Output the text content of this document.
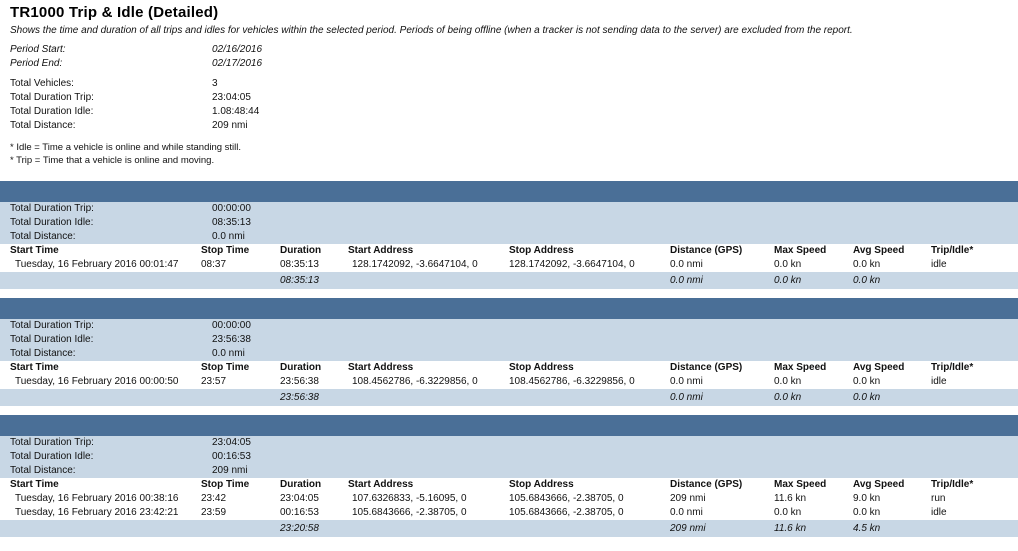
TR1000 Trip & Idle (Detailed)
Shows the time and duration of all trips and idles for vehicles within the selected period. Periods of being offline (when a tracker is not sending data to the server) are excluded from the report.
Period Start:	02/16/2016
Period End:	02/17/2016
Total Vehicles:	3
Total Duration Trip:	23:04:05
Total Duration Idle:	1.08:48:44
Total Distance:	209 nmi
* Idle = Time a vehicle is online and while standing still.
* Trip = Time that a vehicle is online and moving.
Total Duration Trip:	00:00:00
Total Duration Idle:	08:35:13
Total Distance:	0.0 nmi
Start Time	Stop Time	Duration	Start Address	Stop Address	Distance (GPS)	Max Speed	Avg Speed	Trip/Idle*
Tuesday, 16 February 2016 00:01:47	08:37	08:35:13	128.1742092, -3.6647104, 0	128.1742092, -3.6647104, 0	0.0 nmi	0.0 kn	0.0 kn	idle
		08:35:13			0.0 nmi	0.0 kn	0.0 kn	
Total Duration Trip:	00:00:00
Total Duration Idle:	23:56:38
Total Distance:	0.0 nmi
Start Time	Stop Time	Duration	Start Address	Stop Address	Distance (GPS)	Max Speed	Avg Speed	Trip/Idle*
Tuesday, 16 February 2016 00:00:50	23:57	23:56:38	108.4562786, -6.3229856, 0	108.4562786, -6.3229856, 0	0.0 nmi	0.0 kn	0.0 kn	idle
		23:56:38			0.0 nmi	0.0 kn	0.0 kn	
Total Duration Trip:	23:04:05
Total Duration Idle:	00:16:53
Total Distance:	209 nmi
Start Time	Stop Time	Duration	Start Address	Stop Address	Distance (GPS)	Max Speed	Avg Speed	Trip/Idle*
Tuesday, 16 February 2016 00:38:16	23:42	23:04:05	107.6326833, -5.16095, 0	105.6843666, -2.38705, 0	209 nmi	11.6 kn	9.0 kn	run
Tuesday, 16 February 2016 23:42:21	23:59	00:16:53	105.6843666, -2.38705, 0	105.6843666, -2.38705, 0	0.0 nmi	0.0 kn	0.0 kn	idle
		23:20:58			209 nmi	11.6 kn	4.5 kn	
